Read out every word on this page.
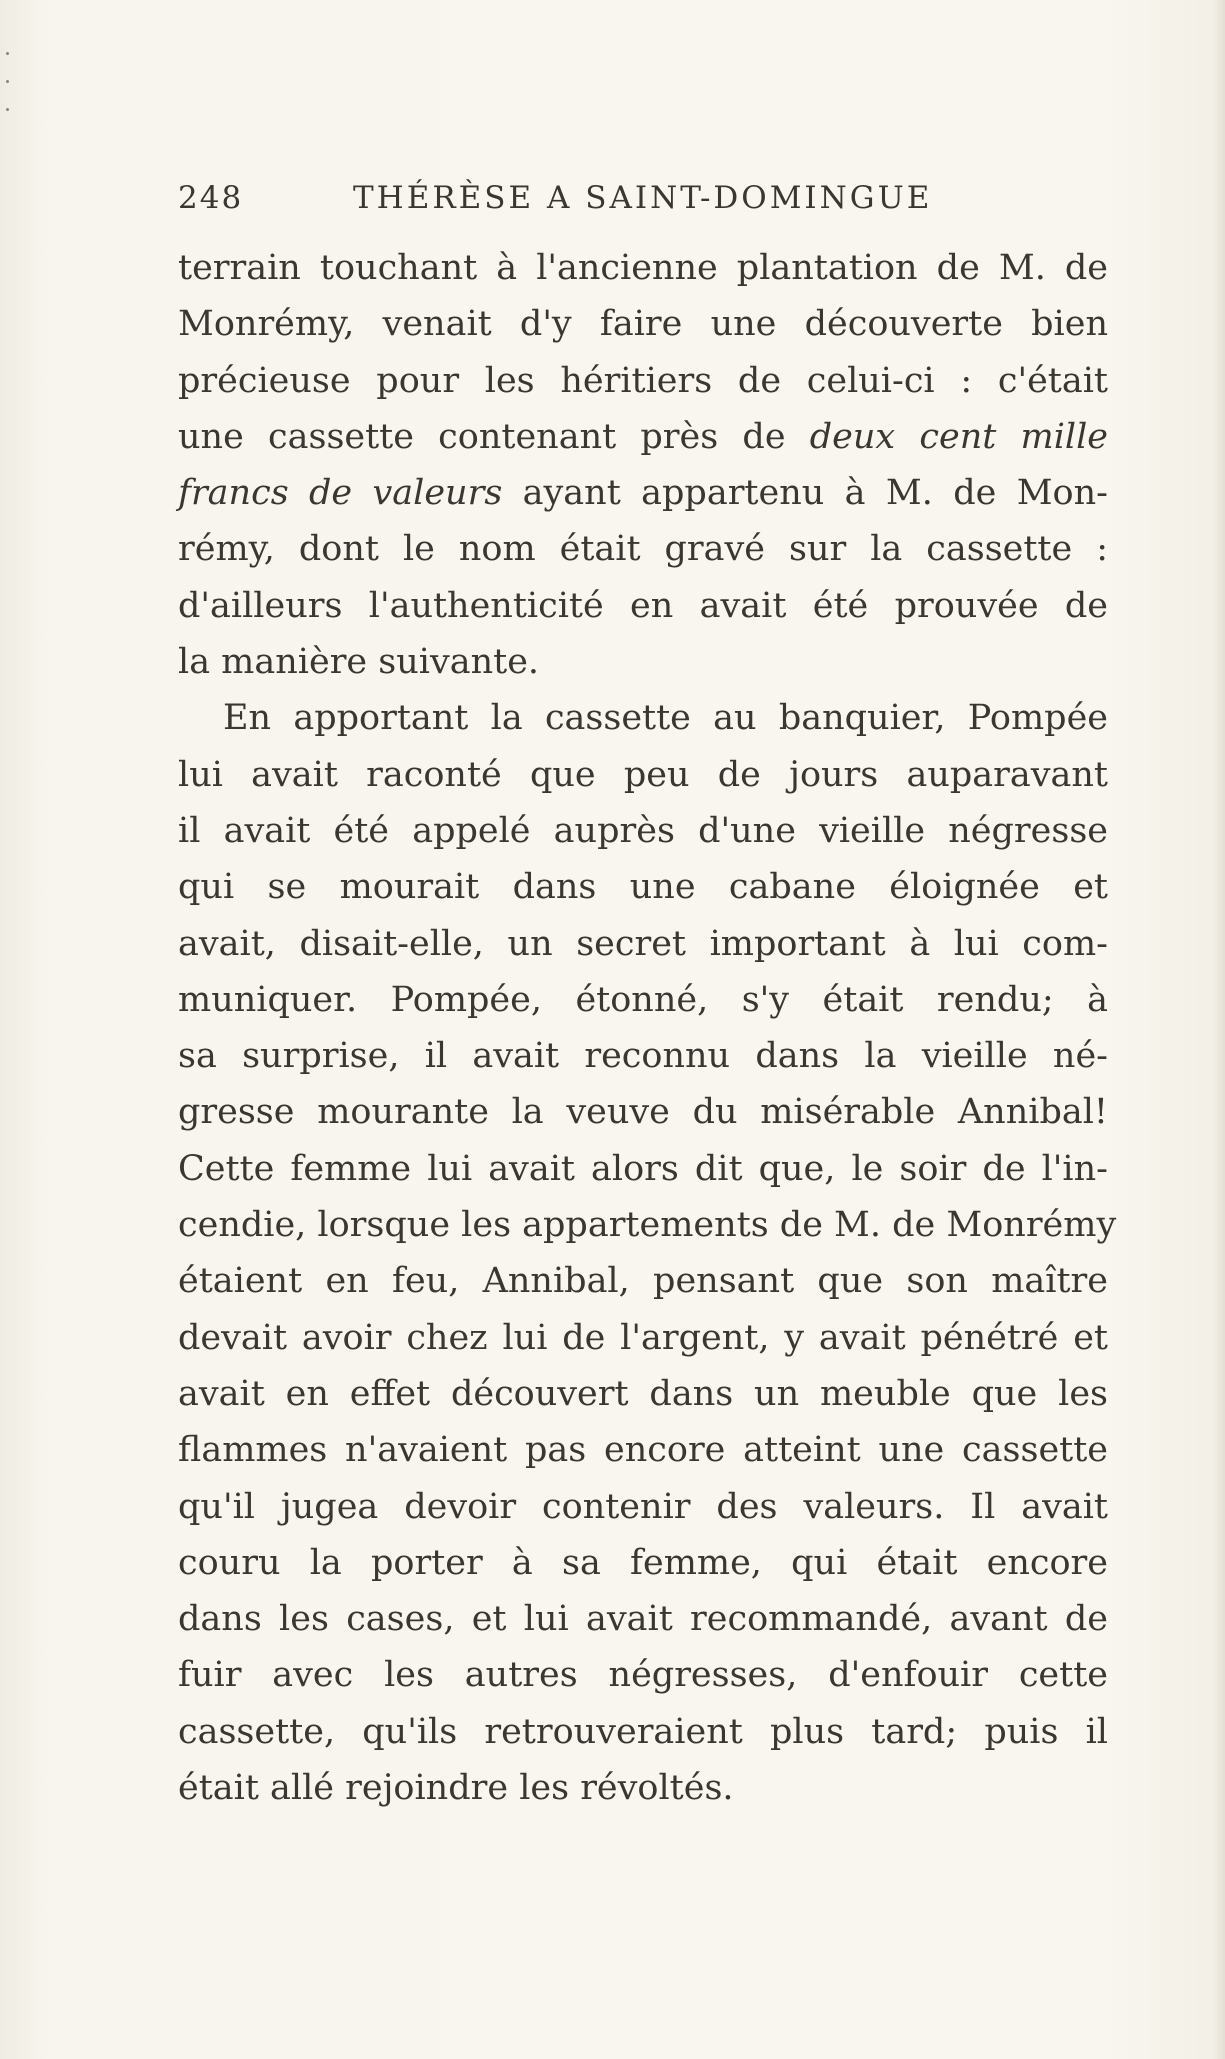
248	THÉRÈSE A SAINT-DOMINGUE
terrain touchant à l'ancienne plantation de M. de
Monrémy, venait d'y faire une découverte bien
précieuse pour les héritiers de celui-ci : c'était
une cassette contenant près de deux cent mille
francs de valeurs ayant appartenu à M. de Mon-
rémy, dont le nom était gravé sur la cassette :
d'ailleurs l'authenticité en avait été prouvée de
la manière suivante.
En apportant la cassette au banquier, Pompée
lui avait raconté que peu de jours auparavant
il avait été appelé auprès d'une vieille négresse
qui se mourait dans une cabane éloignée et
avait, disait-elle, un secret important à lui com-
muniquer. Pompée, étonné, s'y était rendu; à
sa surprise, il avait reconnu dans la vieille né-
gresse mourante la veuve du misérable Annibal!
Cette femme lui avait alors dit que, le soir de l'in-
cendie, lorsque les appartements de M. de Monrémy
étaient en feu, Annibal, pensant que son maître
devait avoir chez lui de l'argent, y avait pénétré et
avait en effet découvert dans un meuble que les
flammes n'avaient pas encore atteint une cassette
qu'il jugea devoir contenir des valeurs. Il avait
couru la porter à sa femme, qui était encore
dans les cases, et lui avait recommandé, avant de
fuir avec les autres négresses, d'enfouir cette
cassette, qu'ils retrouveraient plus tard; puis il
était allé rejoindre les révoltés.
